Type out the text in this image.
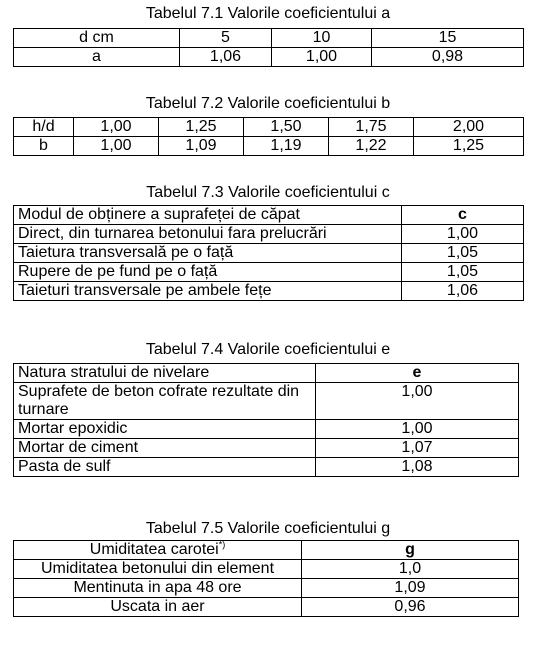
Tabelul 7.1 Valorile coeficientului a
d cm	5	10	15
a	1,06	1,00	0,98
Tabelul 7.2 Valorile coeficientului b
h/d	1,00	1,25	1,50	1,75	2,00
b	1,00	1,09	1,19	1,22	1,25
Tabelul 7.3 Valorile coeficientului c
Modul de obținere a suprafeței de căpat	c
Direct, din turnarea betonului fara prelucrări	1,00
Taietura transversală pe o față	1,05
Rupere de pe fund pe o față	1,05
Taieturi transversale pe ambele fețe	1,06
Tabelul 7.4 Valorile coeficientului e
Natura stratului de nivelare	e
Suprafete de beton cofrate rezultate din turnare	1,00
Mortar epoxidic	1,00
Mortar de ciment	1,07
Pasta de sulf	1,08
Tabelul 7.5 Valorile coeficientului g
Umiditatea carotei*)	g
Umiditatea betonului din element	1,0
Mentinuta in apa 48 ore	1,09
Uscata in aer	0,96
